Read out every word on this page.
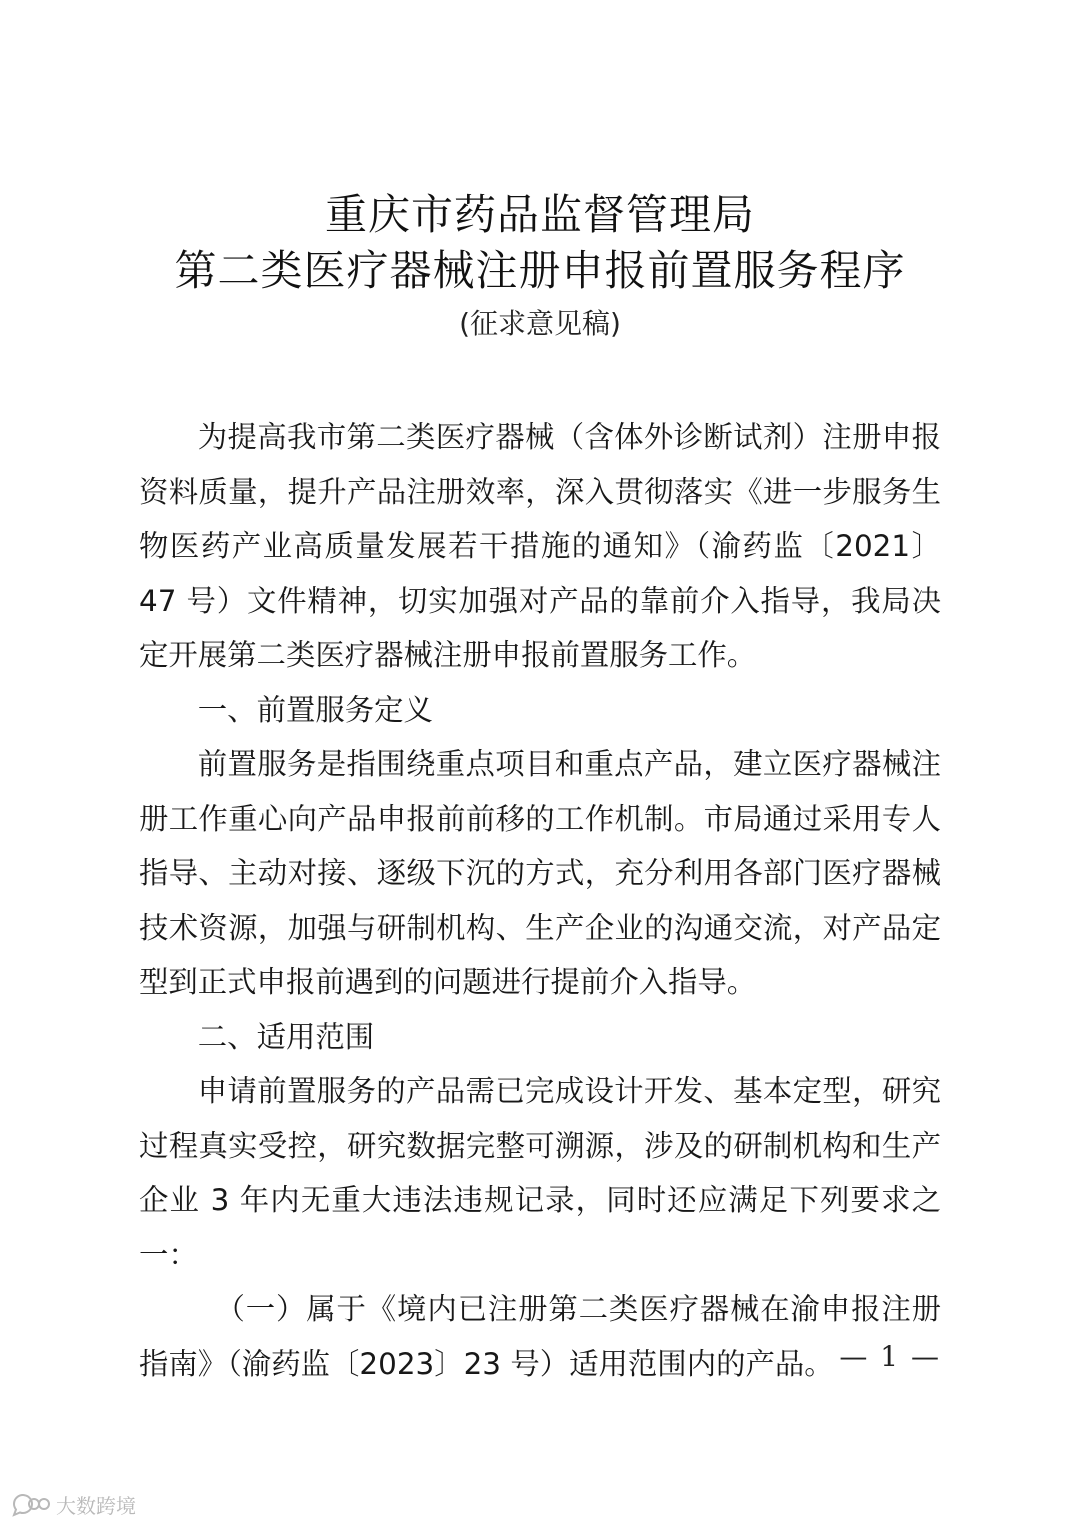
重庆市药品监督管理局
第二类医疗器械注册申报前置服务程序
(征求意见稿)

为提高我市第二类医疗器械（含体外诊断试剂）注册申报资料质量，提升产品注册效率，深入贯彻落实《进一步服务生物医药产业高质量发展若干措施的通知》（渝药监〔2021〕47 号）文件精神，切实加强对产品的靠前介入指导，我局决定开展第二类医疗器械注册申报前置服务工作。

一、前置服务定义

前置服务是指围绕重点项目和重点产品，建立医疗器械注册工作重心向产品申报前前移的工作机制。市局通过采用专人指导、主动对接、逐级下沉的方式，充分利用各部门医疗器械技术资源，加强与研制机构、生产企业的沟通交流，对产品定型到正式申报前遇到的问题进行提前介入指导。

二、适用范围

申请前置服务的产品需已完成设计开发、基本定型，研究过程真实受控，研究数据完整可溯源，涉及的研制机构和生产企业 3 年内无重大违法违规记录，同时还应满足下列要求之一：

（一）属于《境内已注册第二类医疗器械在渝申报注册指南》（渝药监〔2023〕23 号）适用范围内的产品。 — 1 —
大数跨境
